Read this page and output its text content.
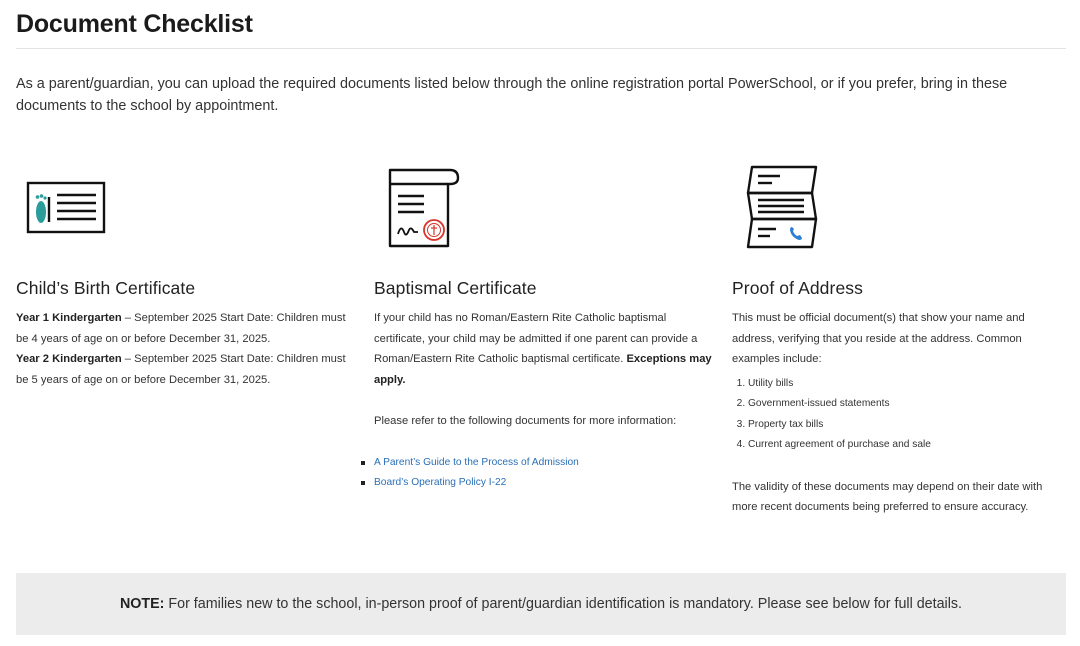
Document Checklist

As a parent/guardian, you can upload the required documents listed below through the online registration portal PowerSchool, or if you prefer, bring in these documents to the school by appointment.

Child’s Birth Certificate

Year 1 Kindergarten – September 2025 Start Date: Children must be 4 years of age on or before December 31, 2025.

Year 2 Kindergarten – September 2025 Start Date: Children must be 5 years of age on or before December 31, 2025.

Baptismal Certificate

If your child has no Roman/Eastern Rite Catholic baptismal certificate, your child may be admitted if one parent can provide a Roman/Eastern Rite Catholic baptismal certificate. Exceptions may apply.

Please refer to the following documents for more information:

A Parent’s Guide to the Process of Admission
Board’s Operating Policy I-22
Proof of Address

This must be official document(s) that show your name and address, verifying that you reside at the address. Common examples include:

1. Utility bills
2. Government-issued statements
3. Property tax bills
4. Current agreement of purchase and sale

The validity of these documents may depend on their date with more recent documents being preferred to ensure accuracy.

NOTE: For families new to the school, in-person proof of parent/guardian identification is mandatory. Please see below for full details.
